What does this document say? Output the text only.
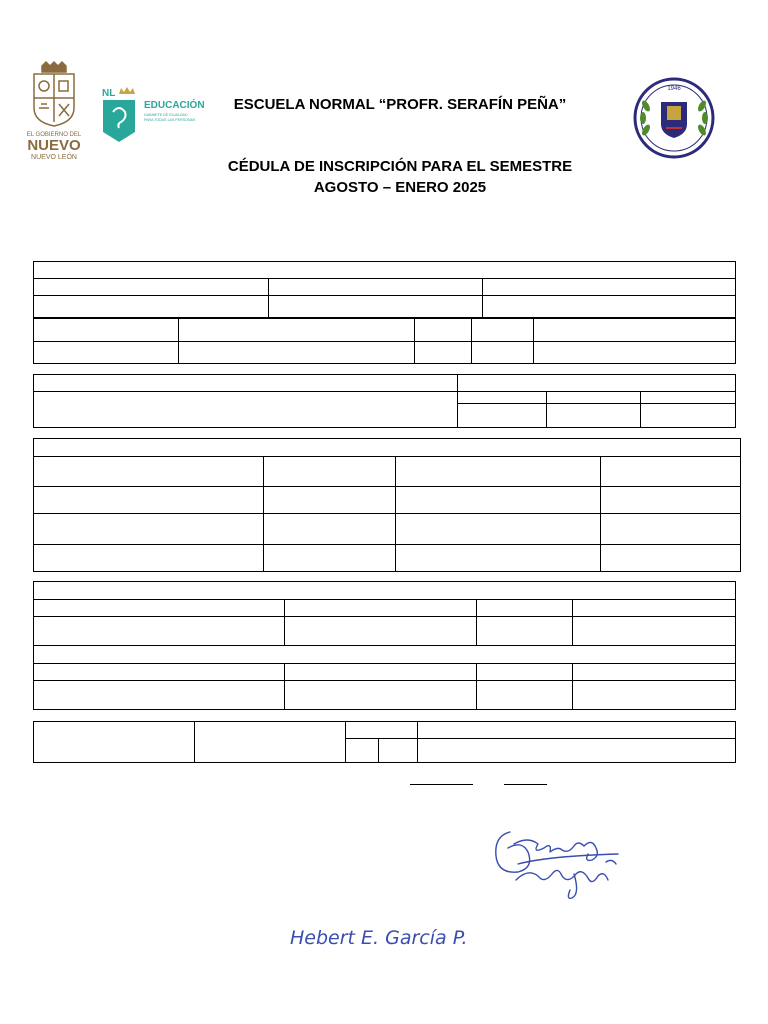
EL GOBIERNO DEL
NUEVO
NUEVO LEÓN
NL
EDUCACIÓN
GABINETE DE IGUALDAD
PARA TODAS LAS PERSONAS
1946
ESCUELA NORMAL “PROFR. SERAFÍN PEÑA”
CÉDULA DE INSCRIPCIÓN PARA EL SEMESTRE
AGOSTO – ENERO 2025

Hebert E. García P.
